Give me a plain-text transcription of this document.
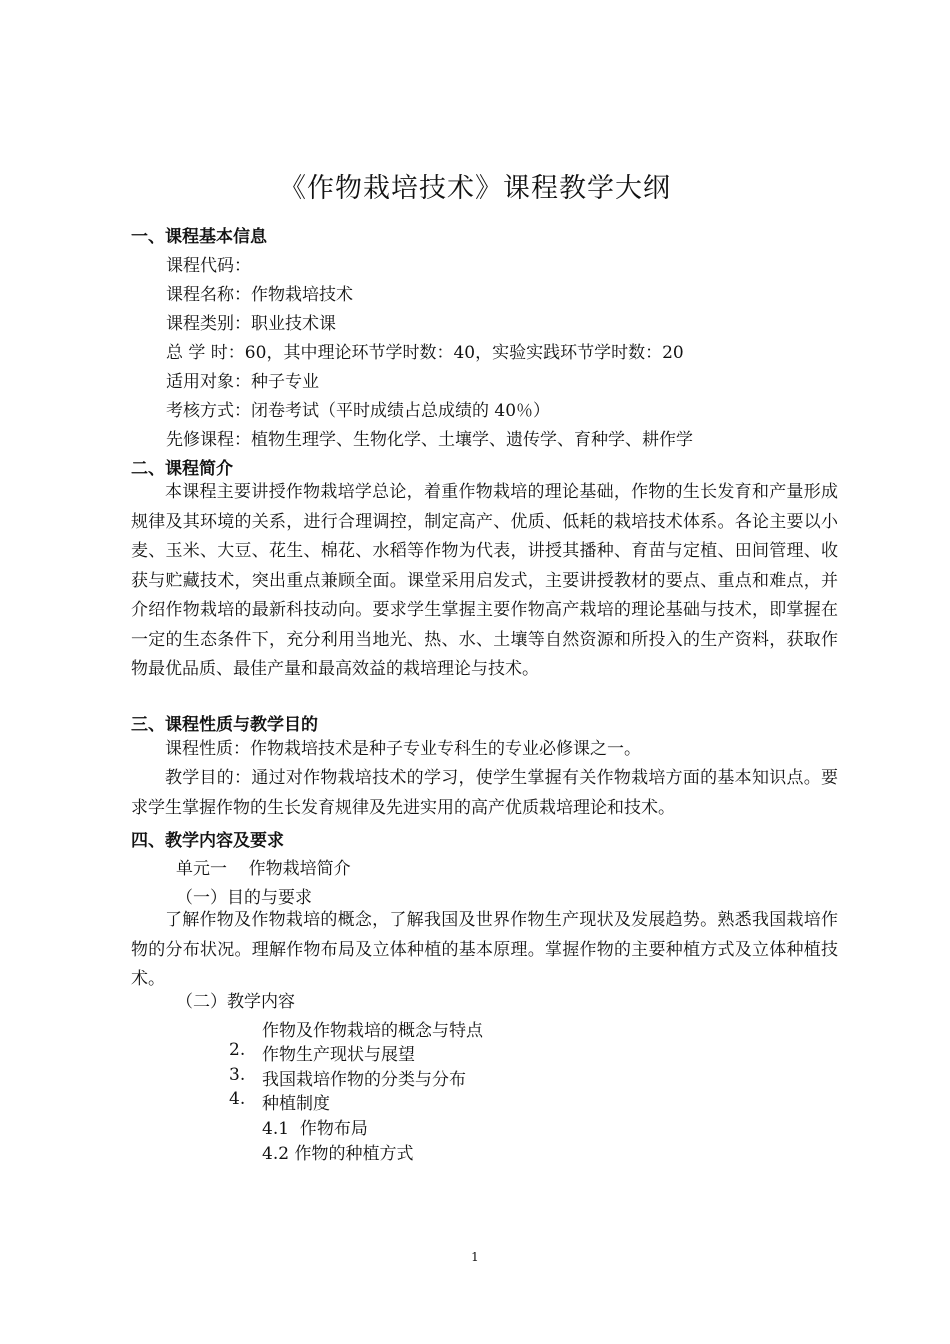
《作物栽培技术》课程教学大纲
一、课程基本信息
课程代码：
课程名称：作物栽培技术
课程类别：职业技术课
总 学 时：60，其中理论环节学时数：40，实验实践环节学时数：20
适用对象：种子专业
考核方式：闭卷考试（平时成绩占总成绩的 40％）
先修课程：植物生理学、生物化学、土壤学、遗传学、育种学、耕作学
二、课程简介
本课程主要讲授作物栽培学总论，着重作物栽培的理论基础，作物的生长发育和产量形成规律及其环境的关系，进行合理调控，制定高产、优质、低耗的栽培技术体系。各论主要以小麦、玉米、大豆、花生、棉花、水稻等作物为代表，讲授其播种、育苗与定植、田间管理、收获与贮藏技术，突出重点兼顾全面。课堂采用启发式，主要讲授教材的要点、重点和难点，并介绍作物栽培的最新科技动向。要求学生掌握主要作物高产栽培的理论基础与技术，即掌握在一定的生态条件下，充分利用当地光、热、水、土壤等自然资源和所投入的生产资料，获取作物最优品质、最佳产量和最高效益的栽培理论与技术。
三、课程性质与教学目的
课程性质：作物栽培技术是种子专业专科生的专业必修课之一。
教学目的：通过对作物栽培技术的学习，使学生掌握有关作物栽培方面的基本知识点。要求学生掌握作物的生长发育规律及先进实用的高产优质栽培理论和技术。
四、教学内容及要求
单元一    作物栽培简介
（一）目的与要求
了解作物及作物栽培的概念，了解我国及世界作物生产现状及发展趋势。熟悉我国栽培作物的分布状况。理解作物布局及立体种植的基本原理。掌握作物的主要种植方式及立体种植技术。
（二）教学内容
作物及作物栽培的概念与特点
2. 作物生产现状与展望
3. 我国栽培作物的分类与分布
4. 种植制度
4.1  作物布局
4.2 作物的种植方式
1
